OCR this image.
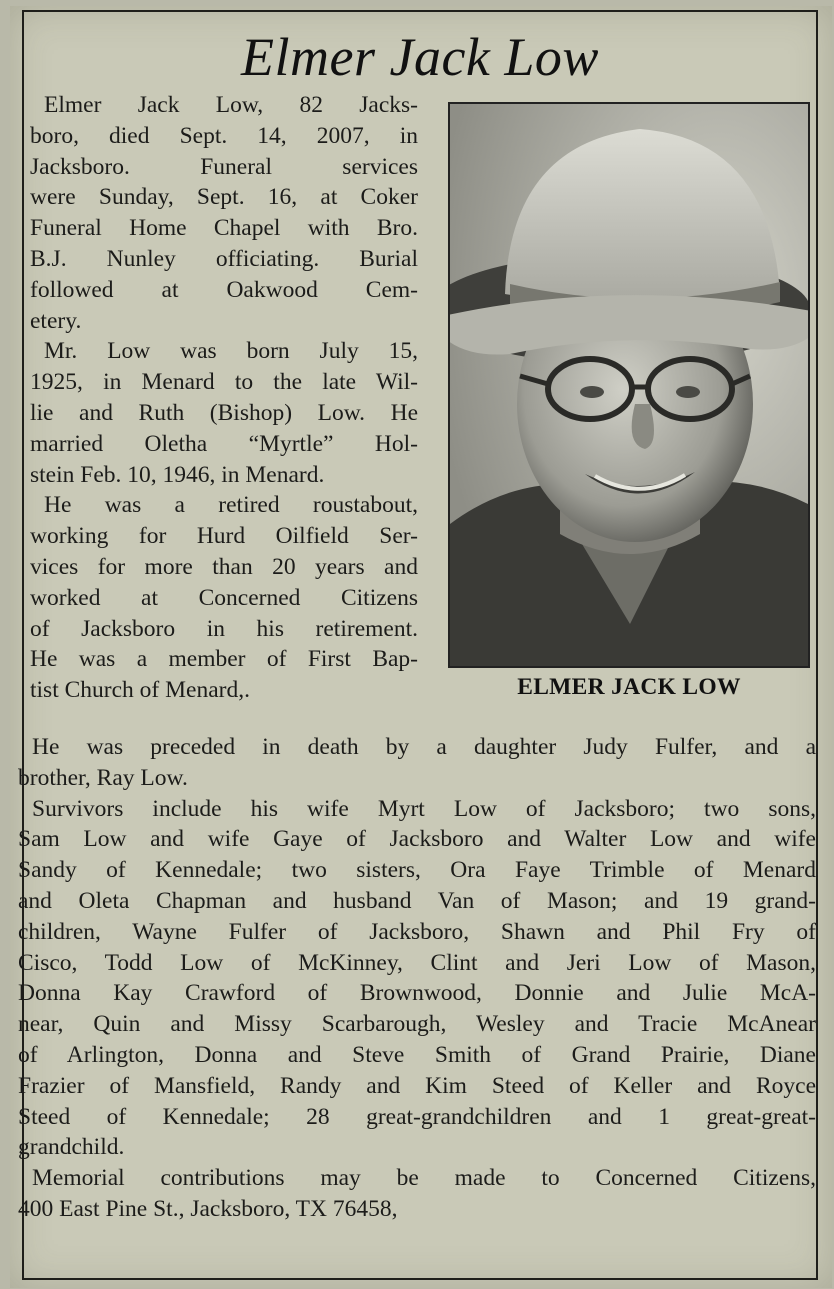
Elmer Jack Low
ELMER JACK LOW
Elmer Jack Low, 82 Jacks-
boro, died Sept. 14, 2007, in
Jacksboro. Funeral services
were Sunday, Sept. 16, at Coker
Funeral Home Chapel with Bro.
B.J. Nunley officiating. Burial
followed at Oakwood Cem-
etery.
Mr. Low was born July 15,
1925, in Menard to the late Wil-
lie and Ruth (Bishop) Low. He
married Oletha “Myrtle” Hol-
stein Feb. 10, 1946, in Menard.
He was a retired roustabout,
working for Hurd Oilfield Ser-
vices for more than 20 years and
worked at Concerned Citizens
of Jacksboro in his retirement.
He was a member of First Bap-
tist Church of Menard,.
He was preceded in death by a daughter Judy Fulfer, and a
brother, Ray Low.
Survivors include his wife Myrt Low of Jacksboro; two sons,
Sam Low and wife Gaye of Jacksboro and Walter Low and wife
Sandy of Kennedale; two sisters, Ora Faye Trimble of Menard
and Oleta Chapman and husband Van of Mason; and 19 grand-
children, Wayne Fulfer of Jacksboro, Shawn and Phil Fry of
Cisco, Todd Low of McKinney, Clint and Jeri Low of Mason,
Donna Kay Crawford of Brownwood, Donnie and Julie McA-
near, Quin and Missy Scarbarough, Wesley and Tracie McAnear
of Arlington, Donna and Steve Smith of Grand Prairie, Diane
Frazier of Mansfield, Randy and Kim Steed of Keller and Royce
Steed of Kennedale; 28 great-grandchildren and 1 great-great-
grandchild.
Memorial contributions may be made to Concerned Citizens,
400 East Pine St., Jacksboro, TX 76458,
